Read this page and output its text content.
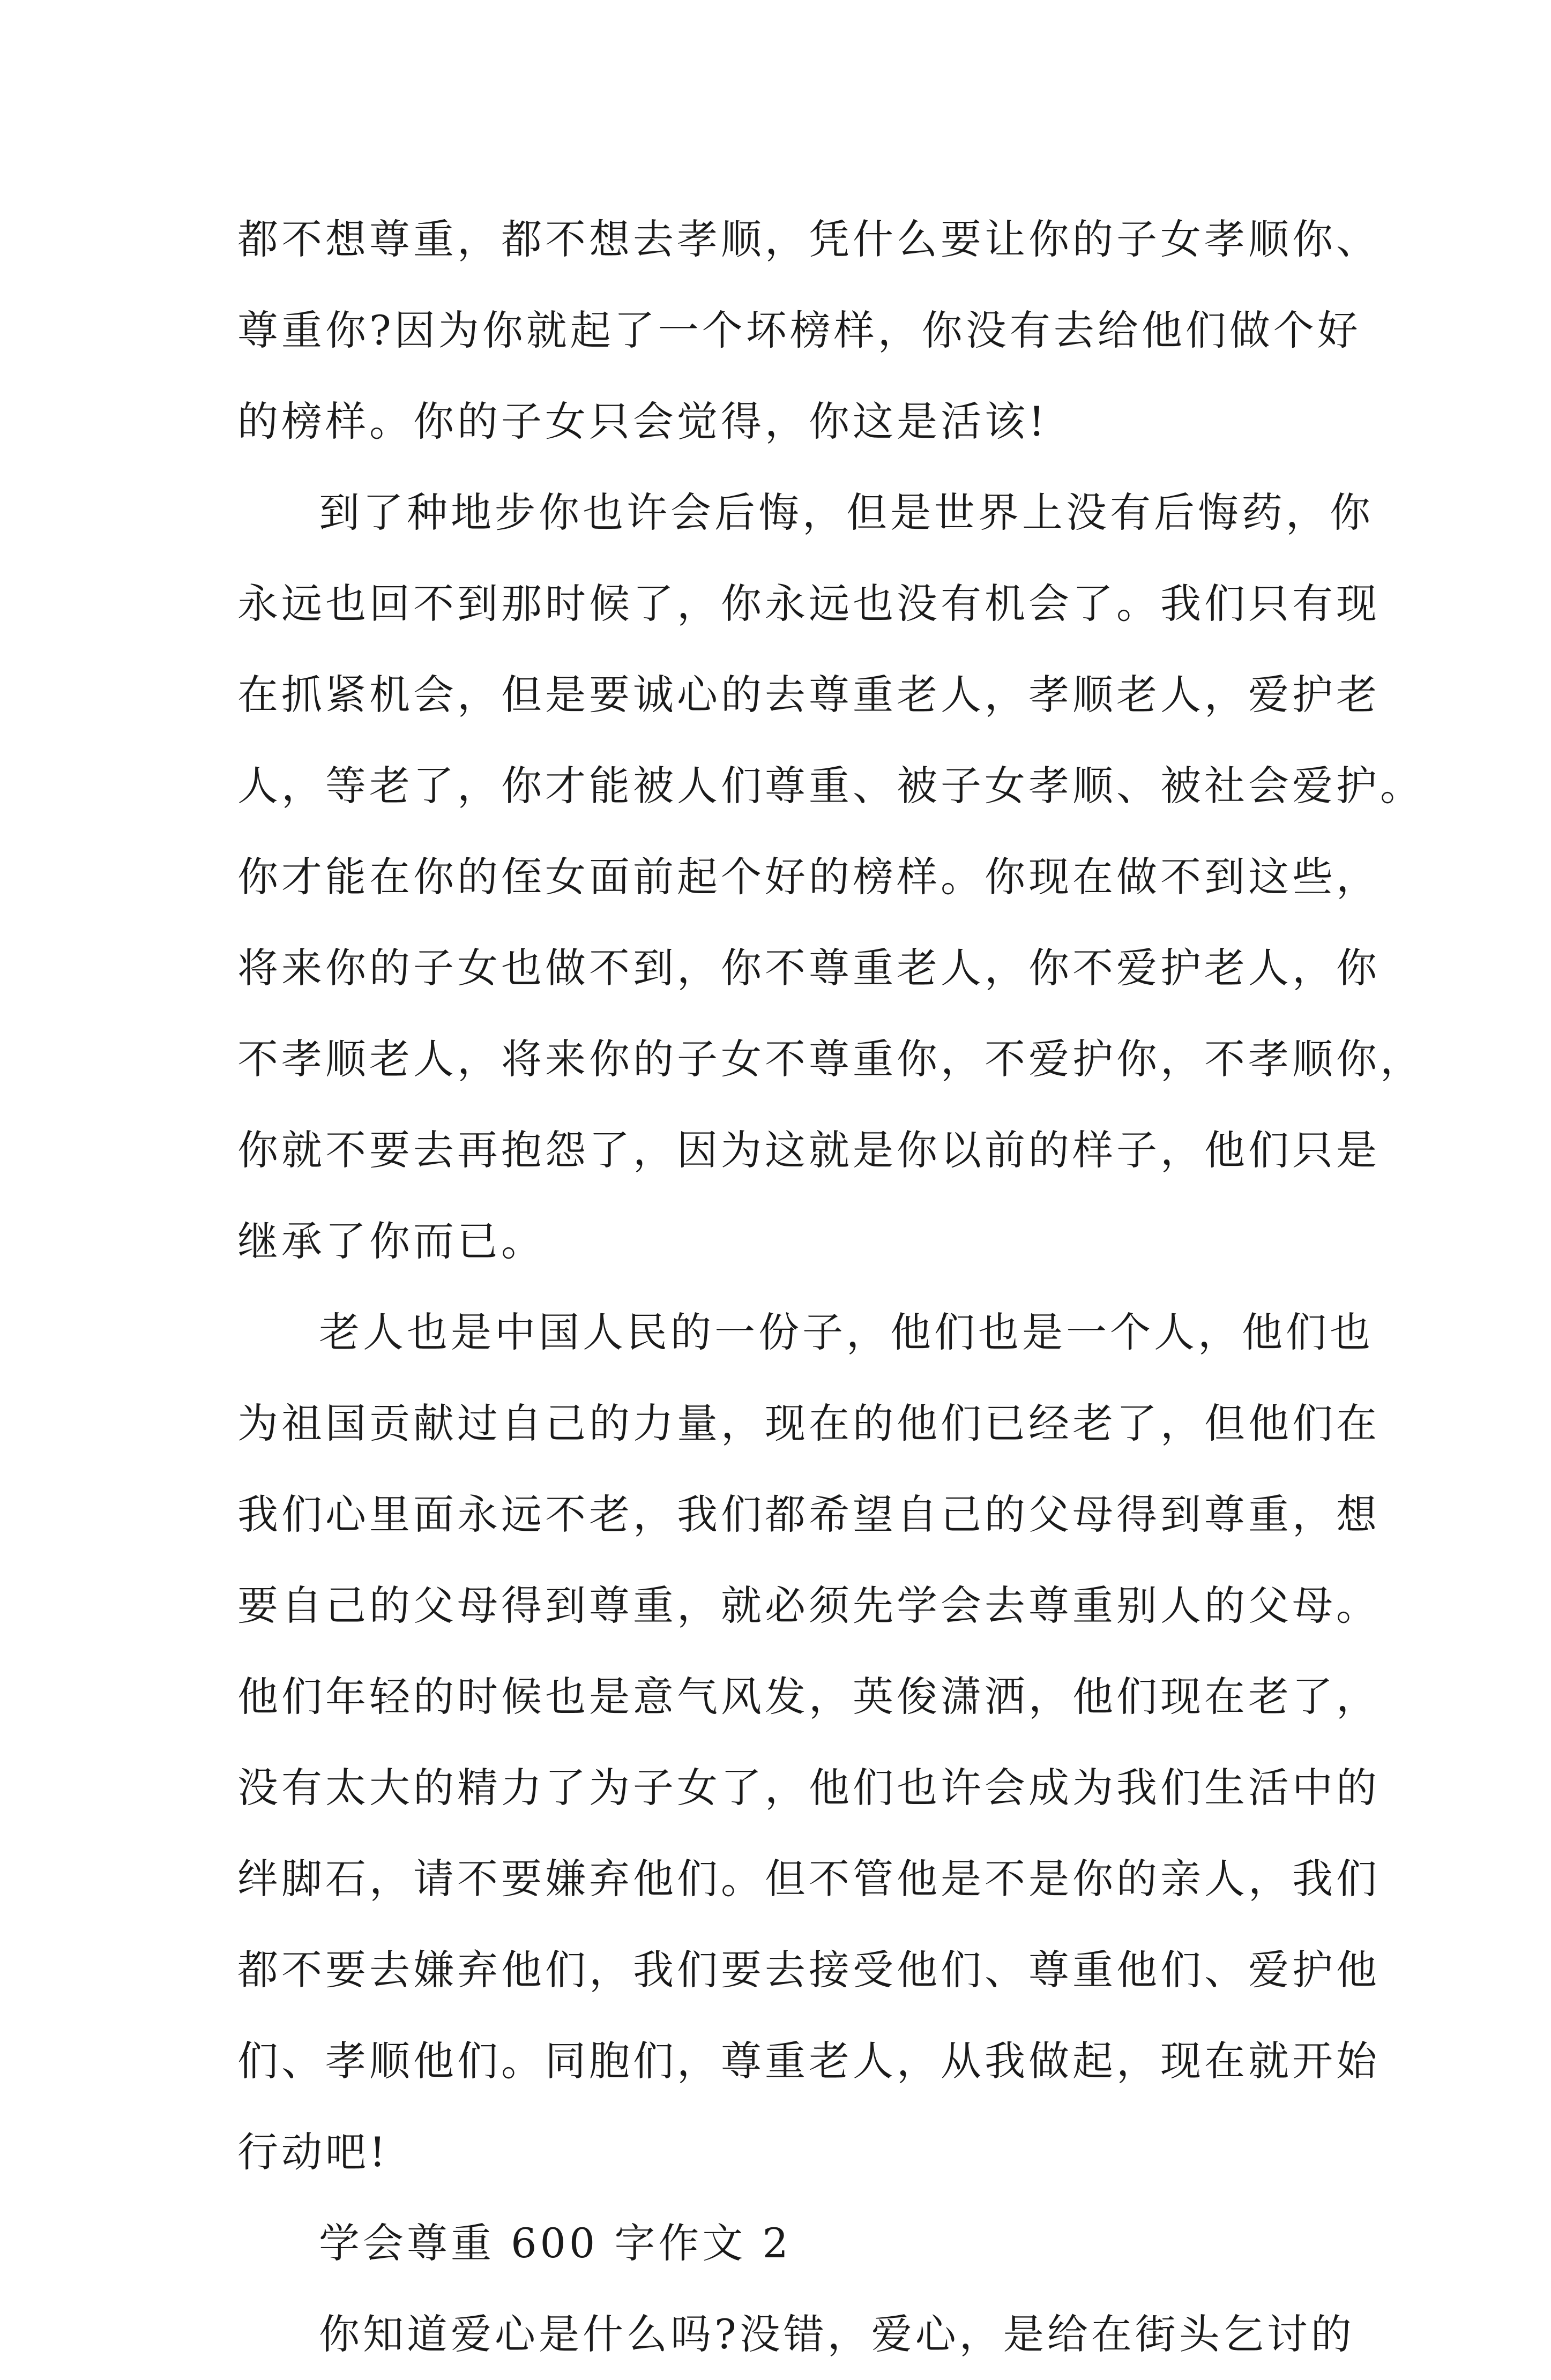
都不想尊重，都不想去孝顺，凭什么要让你的子女孝顺你、
尊重你?因为你就起了一个坏榜样，你没有去给他们做个好
的榜样。你的子女只会觉得，你这是活该!
到了种地步你也许会后悔，但是世界上没有后悔药，你
永远也回不到那时候了，你永远也没有机会了。我们只有现
在抓紧机会，但是要诚心的去尊重老人，孝顺老人，爱护老
人，等老了，你才能被人们尊重、被子女孝顺、被社会爱护。
你才能在你的侄女面前起个好的榜样。你现在做不到这些，
将来你的子女也做不到，你不尊重老人，你不爱护老人，你
不孝顺老人，将来你的子女不尊重你，不爱护你，不孝顺你，
你就不要去再抱怨了，因为这就是你以前的样子，他们只是
继承了你而已。
老人也是中国人民的一份子，他们也是一个人，他们也
为祖国贡献过自己的力量，现在的他们已经老了，但他们在
我们心里面永远不老，我们都希望自己的父母得到尊重，想
要自己的父母得到尊重，就必须先学会去尊重别人的父母。
他们年轻的时候也是意气风发，英俊潇洒，他们现在老了，
没有太大的精力了为子女了，他们也许会成为我们生活中的
绊脚石，请不要嫌弃他们。但不管他是不是你的亲人，我们
都不要去嫌弃他们，我们要去接受他们、尊重他们、爱护他
们、孝顺他们。同胞们，尊重老人，从我做起，现在就开始
行动吧!
学会尊重 600 字作文 2
你知道爱心是什么吗?没错，爱心，是给在街头乞讨的
